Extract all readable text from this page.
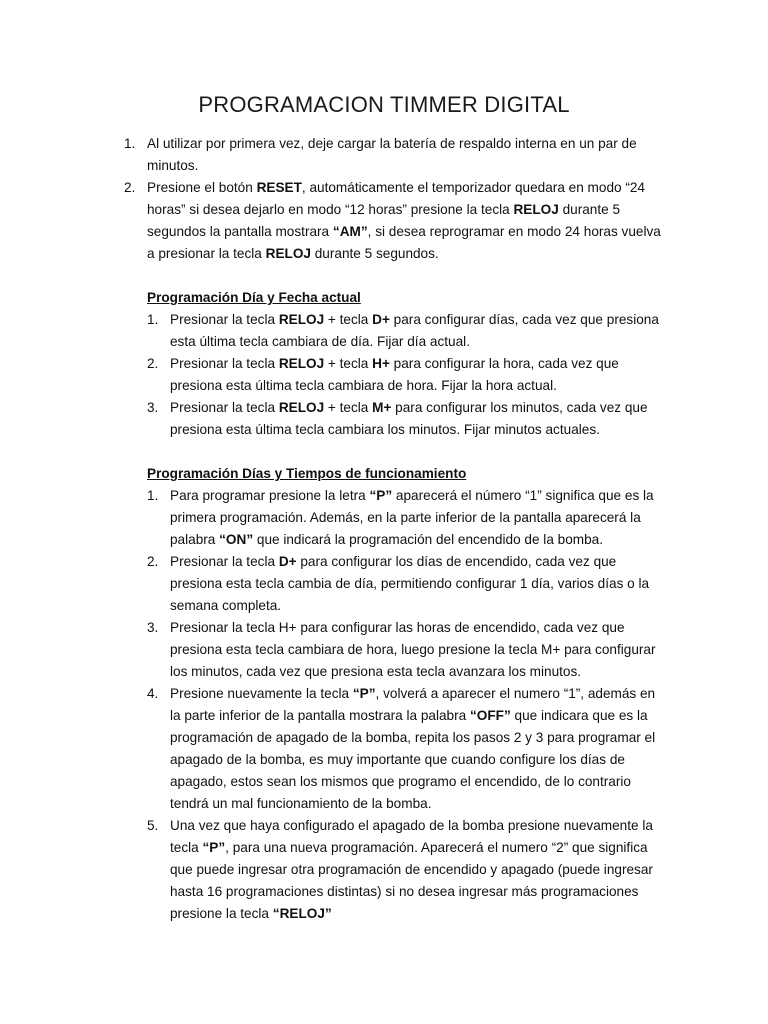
PROGRAMACION TIMMER DIGITAL
1. Al utilizar por primera vez, deje cargar la batería de respaldo interna en un par de
minutos.
2. Presione el botón RESET, automáticamente el temporizador quedara en modo “24
horas” si desea dejarlo en modo “12 horas” presione la tecla RELOJ durante 5
segundos la pantalla mostrara “AM”, si desea reprogramar en modo 24 horas vuelva
a presionar la tecla RELOJ durante 5 segundos.
Programación Día y Fecha actual
1. Presionar la tecla RELOJ + tecla D+ para configurar días, cada vez que presiona
esta última tecla cambiara de día. Fijar día actual.
2. Presionar la tecla RELOJ + tecla H+ para configurar la hora, cada vez que
presiona esta última tecla cambiara de hora. Fijar la hora actual.
3. Presionar la tecla RELOJ + tecla M+ para configurar los minutos, cada vez que
presiona esta última tecla cambiara los minutos. Fijar minutos actuales.
Programación Días y Tiempos de funcionamiento
1. Para programar presione la letra “P” aparecerá el número “1” significa que es la
primera programación. Además, en la parte inferior de la pantalla aparecerá la
palabra “ON” que indicará la programación del encendido de la bomba.
2. Presionar la tecla D+ para configurar los días de encendido, cada vez que
presiona esta tecla cambia de día, permitiendo configurar 1 día, varios días o la
semana completa.
3. Presionar la tecla H+ para configurar las horas de encendido, cada vez que
presiona esta tecla cambiara de hora, luego presione la tecla M+ para configurar
los minutos, cada vez que presiona esta tecla avanzara los minutos.
4. Presione nuevamente la tecla “P”, volverá a aparecer el numero “1”, además en
la parte inferior de la pantalla mostrara la palabra “OFF” que indicara que es la
programación de apagado de la bomba, repita los pasos 2 y 3 para programar el
apagado de la bomba, es muy importante que cuando configure los días de
apagado, estos sean los mismos que programo el encendido, de lo contrario
tendrá un mal funcionamiento de la bomba.
5. Una vez que haya configurado el apagado de la bomba presione nuevamente la
tecla “P”, para una nueva programación. Aparecerá el numero “2” que significa
que puede ingresar otra programación de encendido y apagado (puede ingresar
hasta 16 programaciones distintas) si no desea ingresar más programaciones
presione la tecla “RELOJ”
